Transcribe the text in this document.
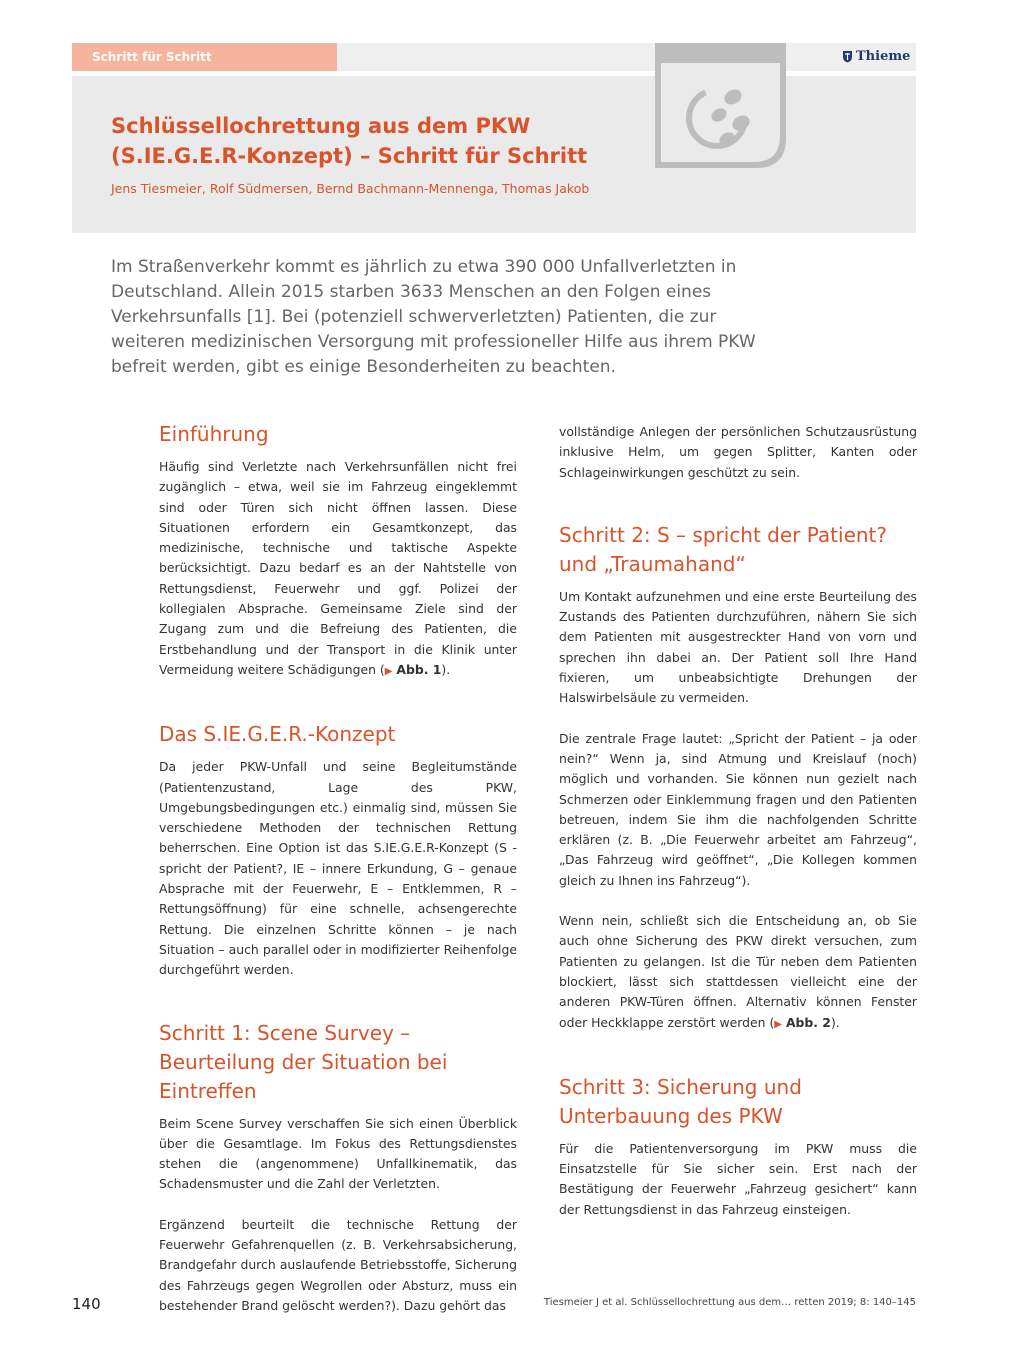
Schritt für Schritt	Thieme
Schlüssellochrettung aus dem PKW
(S.IE.G.E.R-Konzept) – Schritt für Schritt
Jens Tiesmeier, Rolf Südmersen, Bernd Bachmann-Mennenga, Thomas Jakob

Im Straßenverkehr kommt es jährlich zu etwa 390 000 Unfallverletzten in Deutschland. Allein 2015 starben 3633 Menschen an den Folgen eines Verkehrsunfalls [1]. Bei (potenziell schwerverletzten) Patienten, die zur weiteren medizinischen Versorgung mit professioneller Hilfe aus ihrem PKW befreit werden, gibt es einige Besonderheiten zu beachten.

Einführung

Häufig sind Verletzte nach Verkehrsunfällen nicht frei zugänglich – etwa, weil sie im Fahrzeug eingeklemmt sind oder Türen sich nicht öffnen lassen. Diese Situationen erfordern ein Gesamtkonzept, das medizinische, technische und taktische Aspekte berücksichtigt. Dazu bedarf es an der Nahtstelle von Rettungsdienst, Feuerwehr und ggf. Polizei der kollegialen Absprache. Gemeinsame Ziele sind der Zugang zum und die Befreiung des Patienten, die Erstbehandlung und der Transport in die Klinik unter Vermeidung weitere Schädigungen (▶ Abb. 1).

Das S.IE.G.E.R.-Konzept

Da jeder PKW-Unfall und seine Begleitumstände (Patientenzustand, Lage des PKW, Umgebungsbedingungen etc.) einmalig sind, müssen Sie verschiedene Methoden der technischen Rettung beherrschen. Eine Option ist das S.IE.G.E.R-Konzept (S -spricht der Patient?, IE – innere Erkundung, G – genaue Absprache mit der Feuerwehr, E – Entklemmen, R – Rettungsöffnung) für eine schnelle, achsengerechte Rettung. Die einzelnen Schritte können – je nach Situation – auch parallel oder in modifizierter Reihenfolge durchgeführt werden.

Schritt 1: Scene Survey – Beurteilung der Situation bei Eintreffen

Beim Scene Survey verschaffen Sie sich einen Überblick über die Gesamtlage. Im Fokus des Rettungsdienstes stehen die (angenommene) Unfallkinematik, das Schadensmuster und die Zahl der Verletzten.

Ergänzend beurteilt die technische Rettung der Feuerwehr Gefahrenquellen (z. B. Verkehrsabsicherung, Brandgefahr durch auslaufende Betriebsstoffe, Sicherung des Fahrzeugs gegen Wegrollen oder Absturz, muss ein bestehender Brand gelöscht werden?). Dazu gehört das

vollständige Anlegen der persönlichen Schutzausrüstung inklusive Helm, um gegen Splitter, Kanten oder Schlageinwirkungen geschützt zu sein.

Schritt 2: S – spricht der Patient? und „Traumahand“

Um Kontakt aufzunehmen und eine erste Beurteilung des Zustands des Patienten durchzuführen, nähern Sie sich dem Patienten mit ausgestreckter Hand von vorn und sprechen ihn dabei an. Der Patient soll Ihre Hand fixieren, um unbeabsichtigte Drehungen der Halswirbelsäule zu vermeiden.

Die zentrale Frage lautet: „Spricht der Patient – ja oder nein?“ Wenn ja, sind Atmung und Kreislauf (noch) möglich und vorhanden. Sie können nun gezielt nach Schmerzen oder Einklemmung fragen und den Patienten betreuen, indem Sie ihm die nachfolgenden Schritte erklären (z. B. „Die Feuerwehr arbeitet am Fahrzeug“, „Das Fahrzeug wird geöffnet“, „Die Kollegen kommen gleich zu Ihnen ins Fahrzeug“).

Wenn nein, schließt sich die Entscheidung an, ob Sie auch ohne Sicherung des PKW direkt versuchen, zum Patienten zu gelangen. Ist die Tür neben dem Patienten blockiert, lässt sich stattdessen vielleicht eine der anderen PKW-Türen öffnen. Alternativ können Fenster oder Heckklappe zerstört werden (▶ Abb. 2).

Schritt 3: Sicherung und Unterbauung des PKW

Für die Patientenversorgung im PKW muss die Einsatzstelle für Sie sicher sein. Erst nach der Bestätigung der Feuerwehr „Fahrzeug gesichert“ kann der Rettungsdienst in das Fahrzeug einsteigen.

140	Tiesmeier J et al. Schlüssellochrettung aus dem… retten 2019; 8: 140–145
